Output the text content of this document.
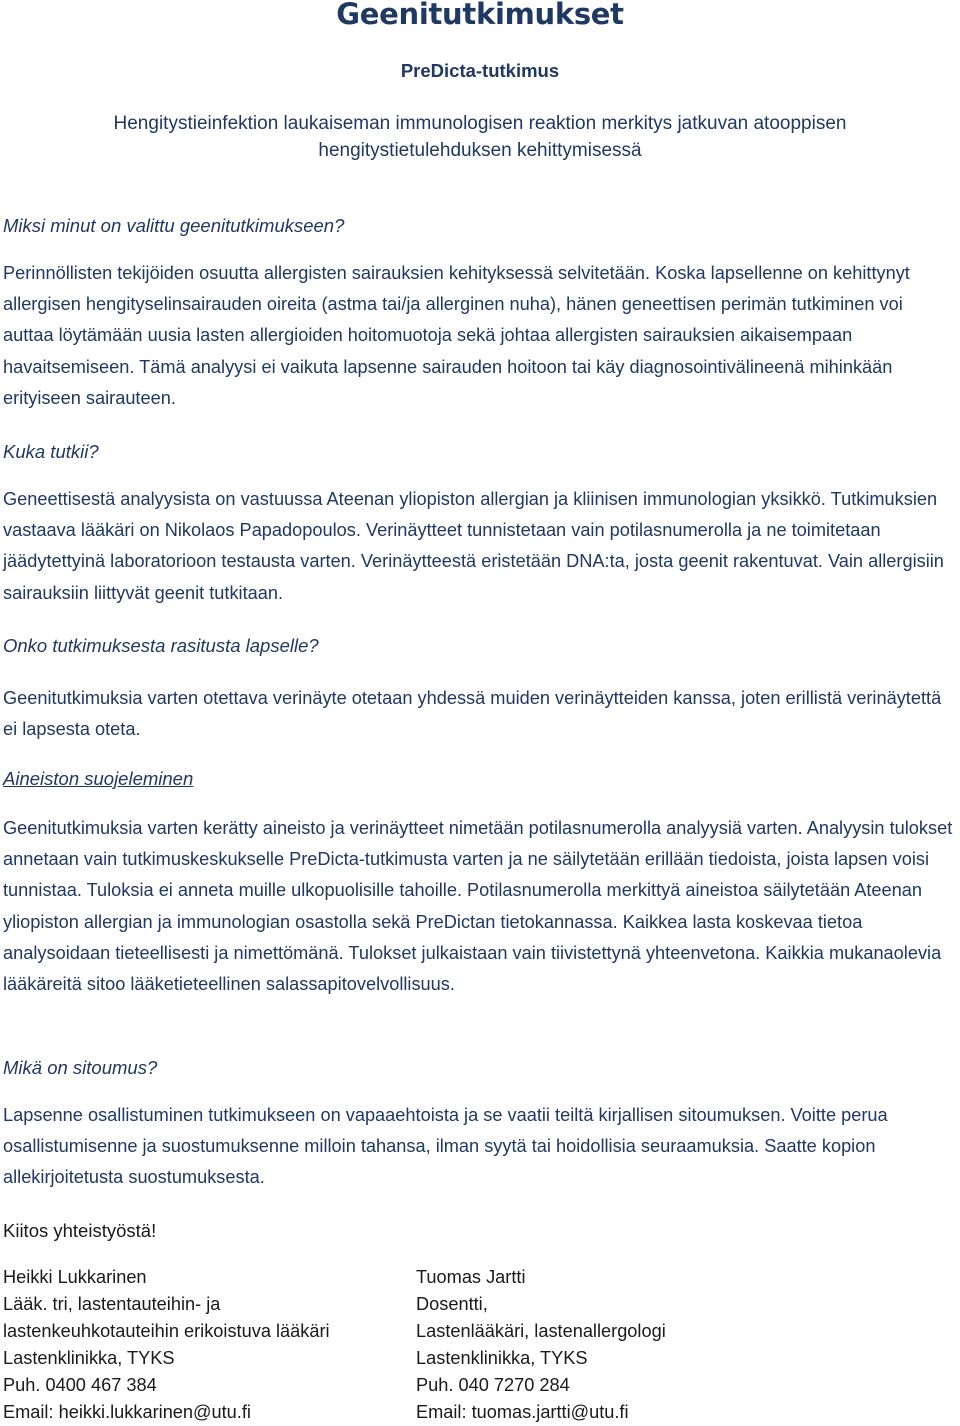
Geenitutkimukset
PreDicta-tutkimus
Hengitystieinfektion laukaiseman immunologisen reaktion merkitys jatkuvan atooppisen hengitystietulehduksen kehittymisessä
Miksi minut on valittu geenitutkimukseen?
Perinnöllisten tekijöiden osuutta allergisten sairauksien kehityksessä selvitetään. Koska lapsellenne on kehittynyt allergisen hengityselinsairauden oireita (astma tai/ja allerginen nuha), hänen geneettisen perimän tutkiminen voi auttaa löytämään uusia lasten allergioiden hoitomuotoja sekä johtaa allergisten sairauksien aikaisempaan havaitsemiseen. Tämä analyysi ei vaikuta lapsenne sairauden hoitoon tai käy diagnosointivälineenä mihinkään erityiseen sairauteen.
Kuka tutkii?
Geneettisestä analyysista on vastuussa Ateenan yliopiston allergian ja kliinisen immunologian yksikkö. Tutkimuksien vastaava lääkäri on Nikolaos Papadopoulos. Verinäytteet tunnistetaan vain potilasnumerolla ja ne toimitetaan jäädytettyinä laboratorioon testausta varten. Verinäytteestä eristetään DNA:ta, josta geenit rakentuvat. Vain allergisiin sairauksiin liittyvät geenit tutkitaan.
Onko tutkimuksesta rasitusta lapselle?
Geenitutkimuksia varten otettava verinäyte otetaan yhdessä muiden verinäytteiden kanssa, joten erillistä verinäytettä ei lapsesta oteta.
Aineiston suojeleminen
Geenitutkimuksia varten kerätty aineisto ja verinäytteet nimetään potilasnumerolla analyysiä varten. Analyysin tulokset annetaan vain tutkimuskeskukselle PreDicta-tutkimusta varten ja ne säilytetään erillään tiedoista, joista lapsen voisi tunnistaa. Tuloksia ei anneta muille ulkopuolisille tahoille. Potilasnumerolla merkittyä aineistoa säilytetään Ateenan yliopiston allergian ja immunologian osastolla sekä PreDictan tietokannassa. Kaikkea lasta koskevaa tietoa analysoidaan tieteellisesti ja nimettömänä. Tulokset julkaistaan vain tiivistettynä yhteenvetona. Kaikkia mukanaolevia lääkäreitä sitoo lääketieteellinen salassapitovelvollisuus.
Mikä on sitoumus?
Lapsenne osallistuminen tutkimukseen on vapaaehtoista ja se vaatii teiltä kirjallisen sitoumuksen. Voitte perua osallistumisenne ja suostumuksenne milloin tahansa, ilman syytä tai hoidollisia seuraamuksia. Saatte kopion allekirjoitetusta suostumuksesta.
Kiitos yhteistyöstä!
Heikki Lukkarinen
Lääk. tri, lastentauteihin- ja
lastenkeuhkotauteihin erikoistuva lääkäri
Lastenklinikka, TYKS
Puh. 0400 467 384
Email: heikki.lukkarinen@utu.fi
Tuomas Jartti
Dosentti,
Lastenlääkäri, lastenallergologi
Lastenklinikka, TYKS
Puh. 040 7270 284
Email: tuomas.jartti@utu.fi
